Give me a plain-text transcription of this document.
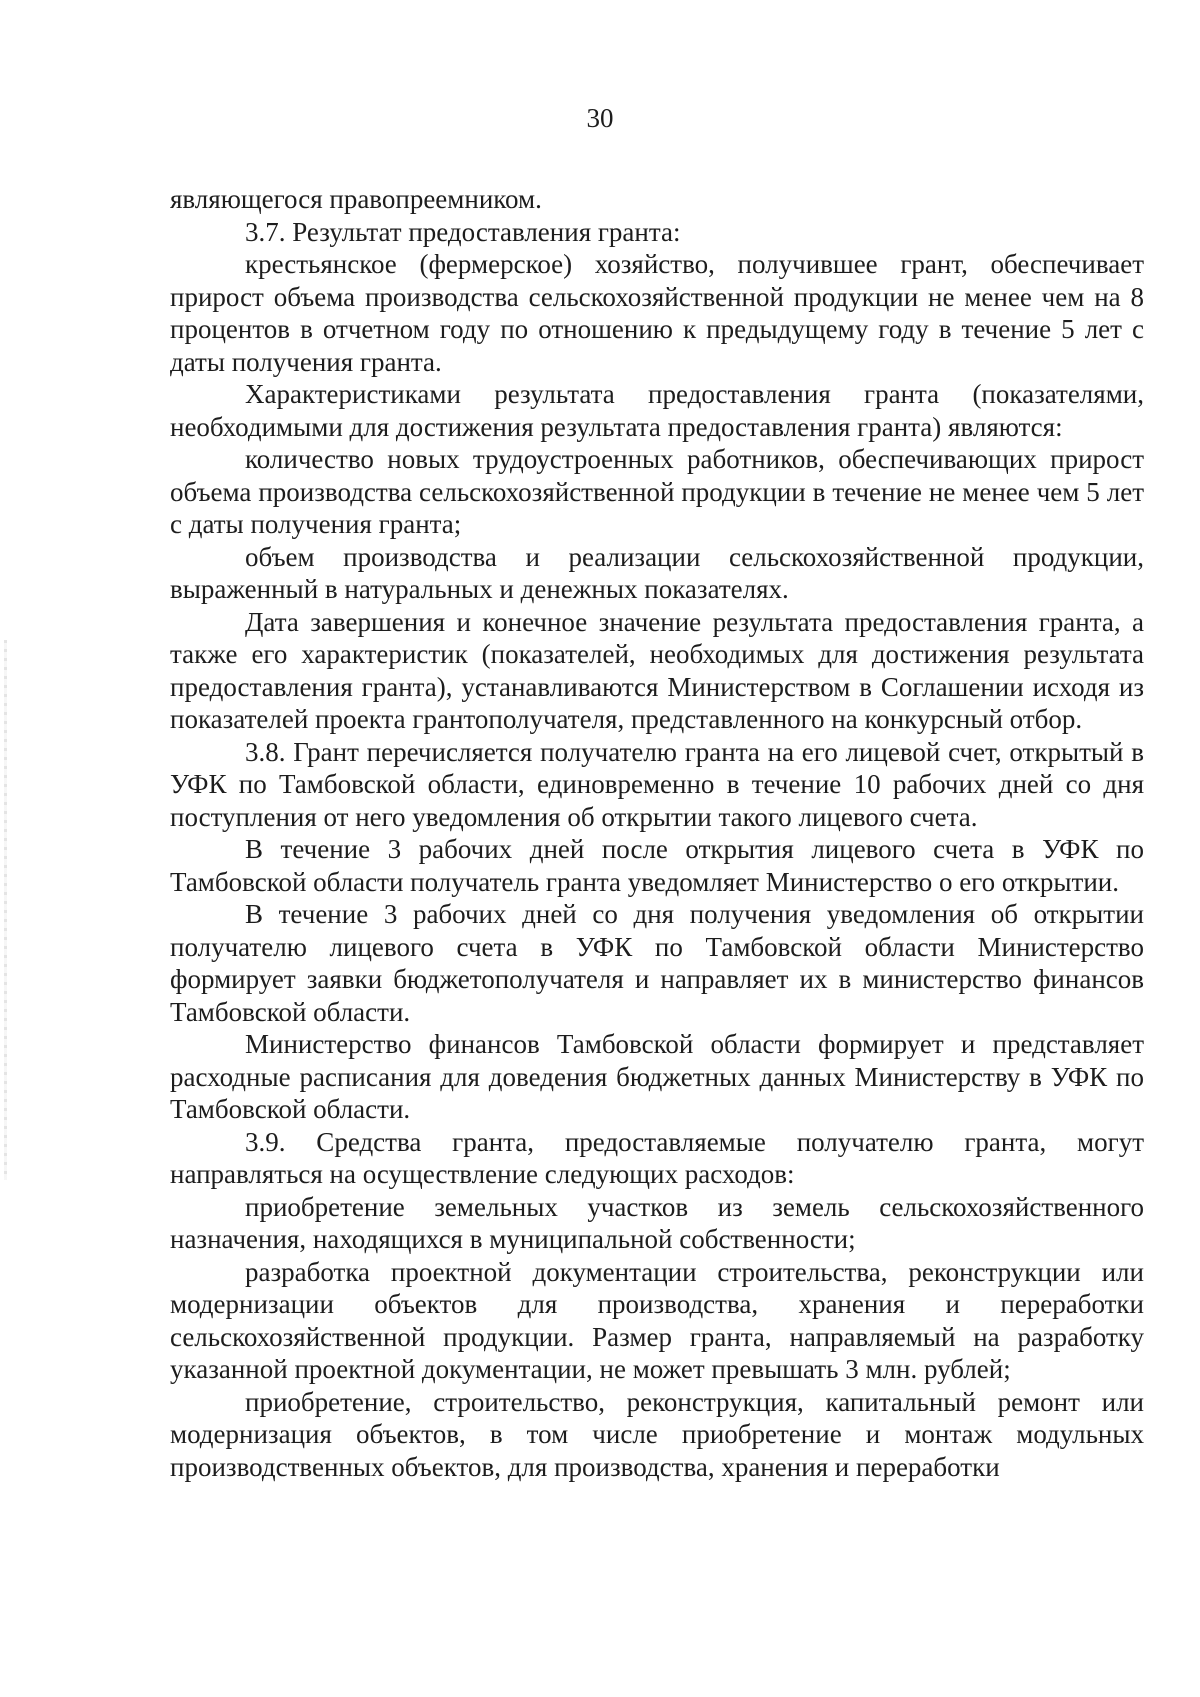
30

являющегося правопреемником.

3.7. Результат предоставления гранта:

крестьянское (фермерское) хозяйство, получившее грант, обеспечивает прирост объема производства сельскохозяйственной продукции не менее чем на 8 процентов в отчетном году по отношению к предыдущему году в течение 5 лет с даты получения гранта.

Характеристиками результата предоставления гранта (показателями, необходимыми для достижения результата предоставления гранта) являются:

количество новых трудоустроенных работников, обеспечивающих прирост объема производства сельскохозяйственной продукции в течение не менее чем 5 лет с даты получения гранта;

объем производства и реализации сельскохозяйственной продукции, выраженный в натуральных и денежных показателях.

Дата завершения и конечное значение результата предоставления гранта, а также его характеристик (показателей, необходимых для достижения результата предоставления гранта), устанавливаются Министерством в Соглашении исходя из показателей проекта грантополучателя, представленного на конкурсный отбор.

3.8. Грант перечисляется получателю гранта на его лицевой счет, открытый в УФК по Тамбовской области, единовременно в течение 10 рабочих дней со дня поступления от него уведомления об открытии такого лицевого счета.

В течение 3 рабочих дней после открытия лицевого счета в УФК по Тамбовской области получатель гранта уведомляет Министерство о его открытии.

В течение 3 рабочих дней со дня получения уведомления об открытии получателю лицевого счета в УФК по Тамбовской области Министерство формирует заявки бюджетополучателя и направляет их в министерство финансов Тамбовской области.

Министерство финансов Тамбовской области формирует и представляет расходные расписания для доведения бюджетных данных Министерству в УФК по Тамбовской области.

3.9. Средства гранта, предоставляемые получателю гранта, могут направляться на осуществление следующих расходов:

приобретение земельных участков из земель сельскохозяйственного назначения, находящихся в муниципальной собственности;

разработка проектной документации строительства, реконструкции или модернизации объектов для производства, хранения и переработки сельскохозяйственной продукции. Размер гранта, направляемый на разработку указанной проектной документации, не может превышать 3 млн. рублей;

приобретение, строительство, реконструкция, капитальный ремонт или модернизация объектов, в том числе приобретение и монтаж модульных производственных объектов, для производства, хранения и переработки
